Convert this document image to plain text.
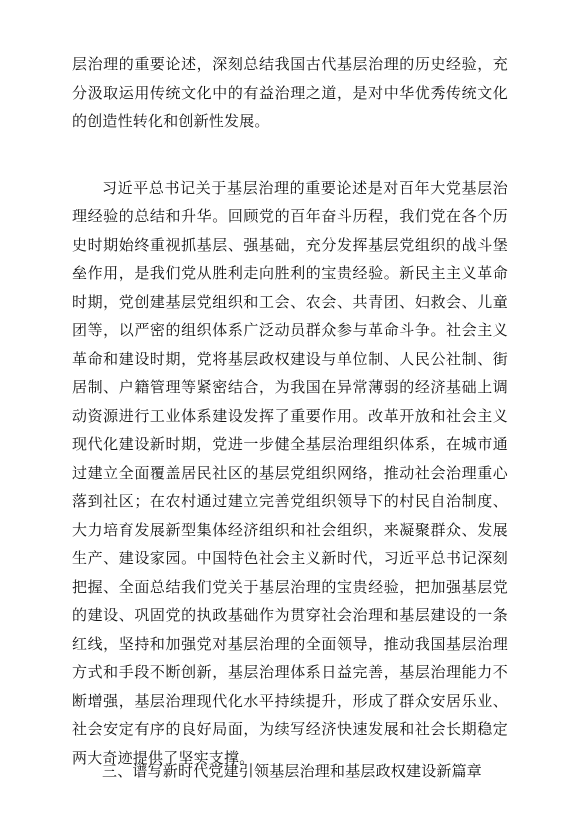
层治理的重要论述，深刻总结我国古代基层治理的历史经验，充分汲取运用传统文化中的有益治理之道，是对中华优秀传统文化的创造性转化和创新性发展。

习近平总书记关于基层治理的重要论述是对百年大党基层治理经验的总结和升华。回顾党的百年奋斗历程，我们党在各个历史时期始终重视抓基层、强基础，充分发挥基层党组织的战斗堡垒作用，是我们党从胜利走向胜利的宝贵经验。新民主主义革命时期，党创建基层党组织和工会、农会、共青团、妇救会、儿童团等，以严密的组织体系广泛动员群众参与革命斗争。社会主义革命和建设时期，党将基层政权建设与单位制、人民公社制、街居制、户籍管理等紧密结合，为我国在异常薄弱的经济基础上调动资源进行工业体系建设发挥了重要作用。改革开放和社会主义现代化建设新时期，党进一步健全基层治理组织体系，在城市通过建立全面覆盖居民社区的基层党组织网络，推动社会治理重心落到社区；在农村通过建立完善党组织领导下的村民自治制度、大力培育发展新型集体经济组织和社会组织，来凝聚群众、发展生产、建设家园。中国特色社会主义新时代，习近平总书记深刻把握、全面总结我们党关于基层治理的宝贵经验，把加强基层党的建设、巩固党的执政基础作为贯穿社会治理和基层建设的一条红线，坚持和加强党对基层治理的全面领导，推动我国基层治理方式和手段不断创新，基层治理体系日益完善，基层治理能力不断增强，基层治理现代化水平持续提升，形成了群众安居乐业、社会安定有序的良好局面，为续写经济快速发展和社会长期稳定两大奇迹提供了坚实支撑。

三、谱写新时代党建引领基层治理和基层政权建设新篇章
